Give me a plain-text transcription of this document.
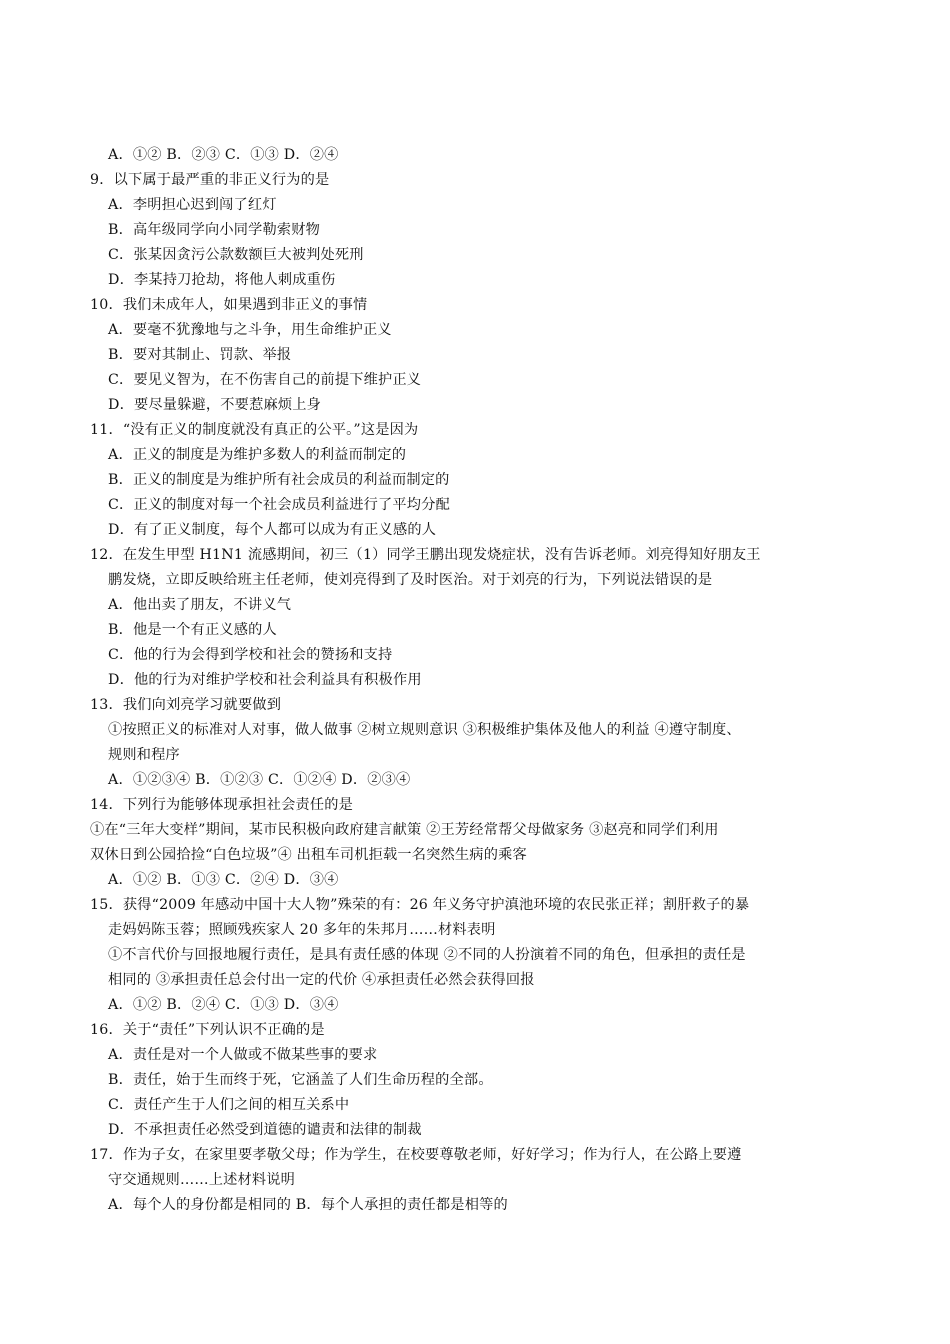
A．①② B．②③ C．①③ D．②④
9．以下属于最严重的非正义行为的是
A．李明担心迟到闯了红灯
B．高年级同学向小同学勒索财物
C．张某因贪污公款数额巨大被判处死刑
D．李某持刀抢劫，将他人刺成重伤
10．我们未成年人，如果遇到非正义的事情
A．要毫不犹豫地与之斗争，用生命维护正义
B．要对其制止、罚款、举报
C．要见义智为，在不伤害自己的前提下维护正义
D．要尽量躲避，不要惹麻烦上身
11．“没有正义的制度就没有真正的公平。”这是因为
A．正义的制度是为维护多数人的利益而制定的
B．正义的制度是为维护所有社会成员的利益而制定的
C．正义的制度对每一个社会成员利益进行了平均分配
D．有了正义制度，每个人都可以成为有正义感的人
12．在发生甲型 H1N1 流感期间，初三（1）同学王鹏出现发烧症状，没有告诉老师。刘亮得知好朋友王
鹏发烧，立即反映给班主任老师，使刘亮得到了及时医治。对于刘亮的行为，下列说法错误的是
A．他出卖了朋友，不讲义气
B．他是一个有正义感的人
C．他的行为会得到学校和社会的赞扬和支持
D．他的行为对维护学校和社会利益具有积极作用
13．我们向刘亮学习就要做到
①按照正义的标准对人对事，做人做事 ②树立规则意识 ③积极维护集体及他人的利益 ④遵守制度、
规则和程序
A．①②③④ B．①②③ C．①②④ D．②③④
14．下列行为能够体现承担社会责任的是
①在“三年大变样”期间，某市民积极向政府建言献策 ②王芳经常帮父母做家务 ③赵亮和同学们利用
双休日到公园拾捡“白色垃圾”④ 出租车司机拒载一名突然生病的乘客
A．①② B．①③ C．②④ D．③④
15．获得“2009 年感动中国十大人物”殊荣的有：26 年义务守护滇池环境的农民张正祥；割肝救子的暴
走妈妈陈玉蓉；照顾残疾家人 20 多年的朱邦月……材料表明
①不言代价与回报地履行责任，是具有责任感的体现 ②不同的人扮演着不同的角色，但承担的责任是
相同的 ③承担责任总会付出一定的代价 ④承担责任必然会获得回报
A．①② B．②④ C．①③ D．③④
16．关于“责任”下列认识不正确的是
A．责任是对一个人做或不做某些事的要求
B．责任，始于生而终于死，它涵盖了人们生命历程的全部。
C．责任产生于人们之间的相互关系中
D．不承担责任必然受到道德的谴责和法律的制裁
17．作为子女，在家里要孝敬父母；作为学生，在校要尊敬老师，好好学习；作为行人，在公路上要遵
守交通规则……上述材料说明
A．每个人的身份都是相同的 B．每个人承担的责任都是相等的
